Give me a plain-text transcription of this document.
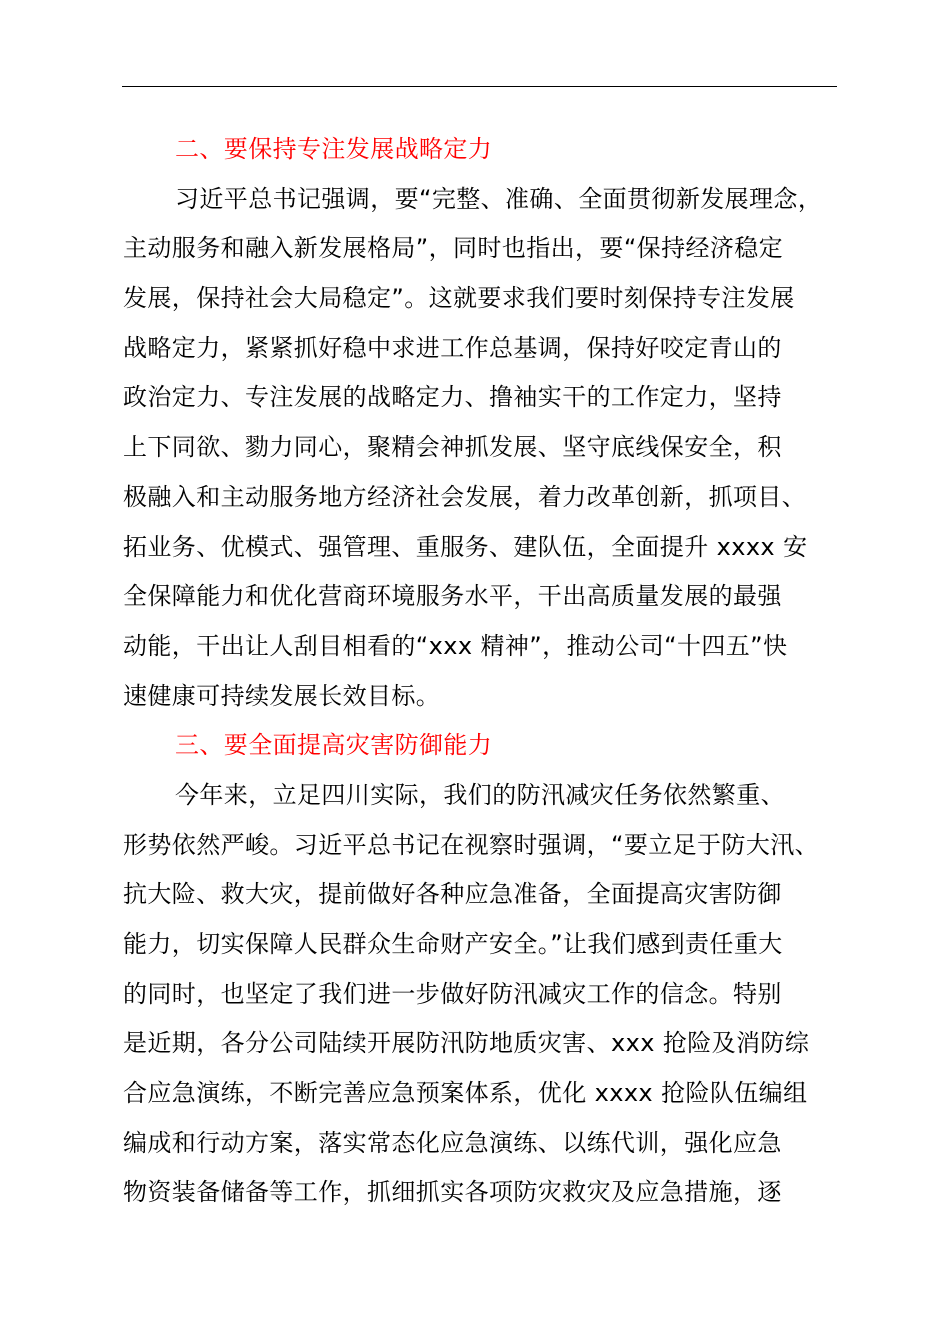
二、要保持专注发展战略定力
习近平总书记强调，要“完整、准确、全面贯彻新发展理念，
主动服务和融入新发展格局”，同时也指出，要“保持经济稳定
发展，保持社会大局稳定”。这就要求我们要时刻保持专注发展
战略定力，紧紧抓好稳中求进工作总基调，保持好咬定青山的
政治定力、专注发展的战略定力、撸袖实干的工作定力，坚持
上下同欲、勠力同心，聚精会神抓发展、坚守底线保安全，积
极融入和主动服务地方经济社会发展，着力改革创新，抓项目、
拓业务、优模式、强管理、重服务、建队伍，全面提升 xxxx 安
全保障能力和优化营商环境服务水平，干出高质量发展的最强
动能，干出让人刮目相看的“xxx 精神”，推动公司“十四五”快
速健康可持续发展长效目标。
三、要全面提高灾害防御能力
今年来，立足四川实际，我们的防汛减灾任务依然繁重、
形势依然严峻。习近平总书记在视察时强调，“要立足于防大汛、
抗大险、救大灾，提前做好各种应急准备，全面提高灾害防御
能力，切实保障人民群众生命财产安全。”让我们感到责任重大
的同时，也坚定了我们进一步做好防汛减灾工作的信念。特别
是近期，各分公司陆续开展防汛防地质灾害、xxx 抢险及消防综
合应急演练，不断完善应急预案体系，优化 xxxx 抢险队伍编组
编成和行动方案，落实常态化应急演练、以练代训，强化应急
物资装备储备等工作，抓细抓实各项防灾救灾及应急措施，逐
